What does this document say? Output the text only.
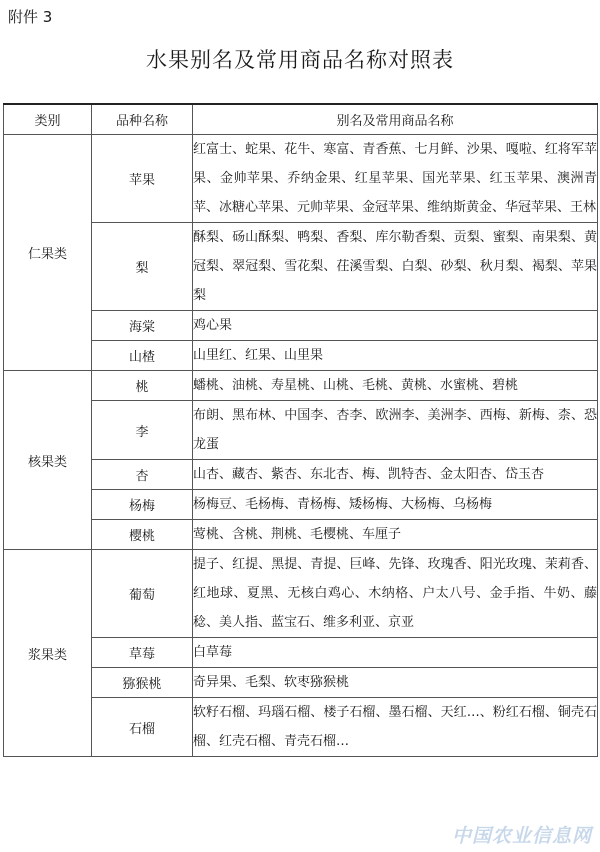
附件 3
水果别名及常用商品名称对照表
类别	品种名称	别名及常用商品名称
仁果类	苹果	红富士、蛇果、花牛、寒富、青香蕉、七月鲜、沙果、嘎啦、红将军苹果、金帅苹果、乔纳金果、红星苹果、国光苹果、红玉苹果、澳洲青苹、冰糖心苹果、元帅苹果、金冠苹果、维纳斯黄金、华冠苹果、王林
	梨	酥梨、砀山酥梨、鸭梨、香梨、库尔勒香梨、贡梨、蜜梨、南果梨、黄冠梨、翠冠梨、雪花梨、茌溪雪梨、白梨、砂梨、秋月梨、褐梨、苹果梨
	海棠	鸡心果
	山楂	山里红、红果、山里果
核果类	桃	蟠桃、油桃、寿星桃、山桃、毛桃、黄桃、水蜜桃、碧桃
	李	布朗、黑布林、中国李、杏李、欧洲李、美洲李、西梅、新梅、柰、恐龙蛋
	杏	山杏、藏杏、紫杏、东北杏、梅、凯特杏、金太阳杏、岱玉杏
	杨梅	杨梅豆、毛杨梅、青杨梅、矮杨梅、大杨梅、乌杨梅
	樱桃	莺桃、含桃、荆桃、毛樱桃、车厘子
浆果类	葡萄	提子、红提、黑提、青提、巨峰、先锋、玫瑰香、阳光玫瑰、茉莉香、红地球、夏黑、无核白鸡心、木纳格、户太八号、金手指、牛奶、藤稔、美人指、蓝宝石、维多利亚、京亚
	草莓	白草莓
	猕猴桃	奇异果、毛梨、软枣猕猴桃
	石榴	软籽石榴、玛瑙石榴、楼子石榴、墨石榴、天红…、粉红石榴、铜壳石榴、红壳石榴、青壳石榴…
中国农业信息网
